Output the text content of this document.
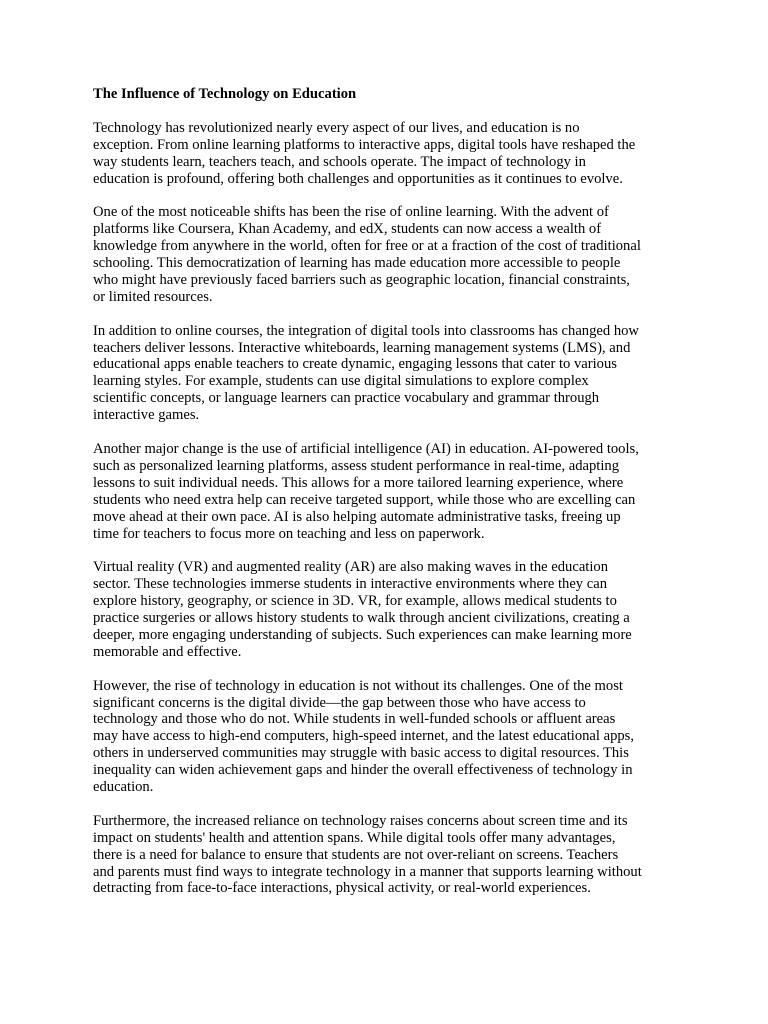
The Influence of Technology on Education
Technology has revolutionized nearly every aspect of our lives, and education is no
exception. From online learning platforms to interactive apps, digital tools have reshaped the
way students learn, teachers teach, and schools operate. The impact of technology in
education is profound, offering both challenges and opportunities as it continues to evolve.
One of the most noticeable shifts has been the rise of online learning. With the advent of
platforms like Coursera, Khan Academy, and edX, students can now access a wealth of
knowledge from anywhere in the world, often for free or at a fraction of the cost of traditional
schooling. This democratization of learning has made education more accessible to people
who might have previously faced barriers such as geographic location, financial constraints,
or limited resources.
In addition to online courses, the integration of digital tools into classrooms has changed how
teachers deliver lessons. Interactive whiteboards, learning management systems (LMS), and
educational apps enable teachers to create dynamic, engaging lessons that cater to various
learning styles. For example, students can use digital simulations to explore complex
scientific concepts, or language learners can practice vocabulary and grammar through
interactive games.
Another major change is the use of artificial intelligence (AI) in education. AI-powered tools,
such as personalized learning platforms, assess student performance in real-time, adapting
lessons to suit individual needs. This allows for a more tailored learning experience, where
students who need extra help can receive targeted support, while those who are excelling can
move ahead at their own pace. AI is also helping automate administrative tasks, freeing up
time for teachers to focus more on teaching and less on paperwork.
Virtual reality (VR) and augmented reality (AR) are also making waves in the education
sector. These technologies immerse students in interactive environments where they can
explore history, geography, or science in 3D. VR, for example, allows medical students to
practice surgeries or allows history students to walk through ancient civilizations, creating a
deeper, more engaging understanding of subjects. Such experiences can make learning more
memorable and effective.
However, the rise of technology in education is not without its challenges. One of the most
significant concerns is the digital divide—the gap between those who have access to
technology and those who do not. While students in well-funded schools or affluent areas
may have access to high-end computers, high-speed internet, and the latest educational apps,
others in underserved communities may struggle with basic access to digital resources. This
inequality can widen achievement gaps and hinder the overall effectiveness of technology in
education.
Furthermore, the increased reliance on technology raises concerns about screen time and its
impact on students' health and attention spans. While digital tools offer many advantages,
there is a need for balance to ensure that students are not over-reliant on screens. Teachers
and parents must find ways to integrate technology in a manner that supports learning without
detracting from face-to-face interactions, physical activity, or real-world experiences.
